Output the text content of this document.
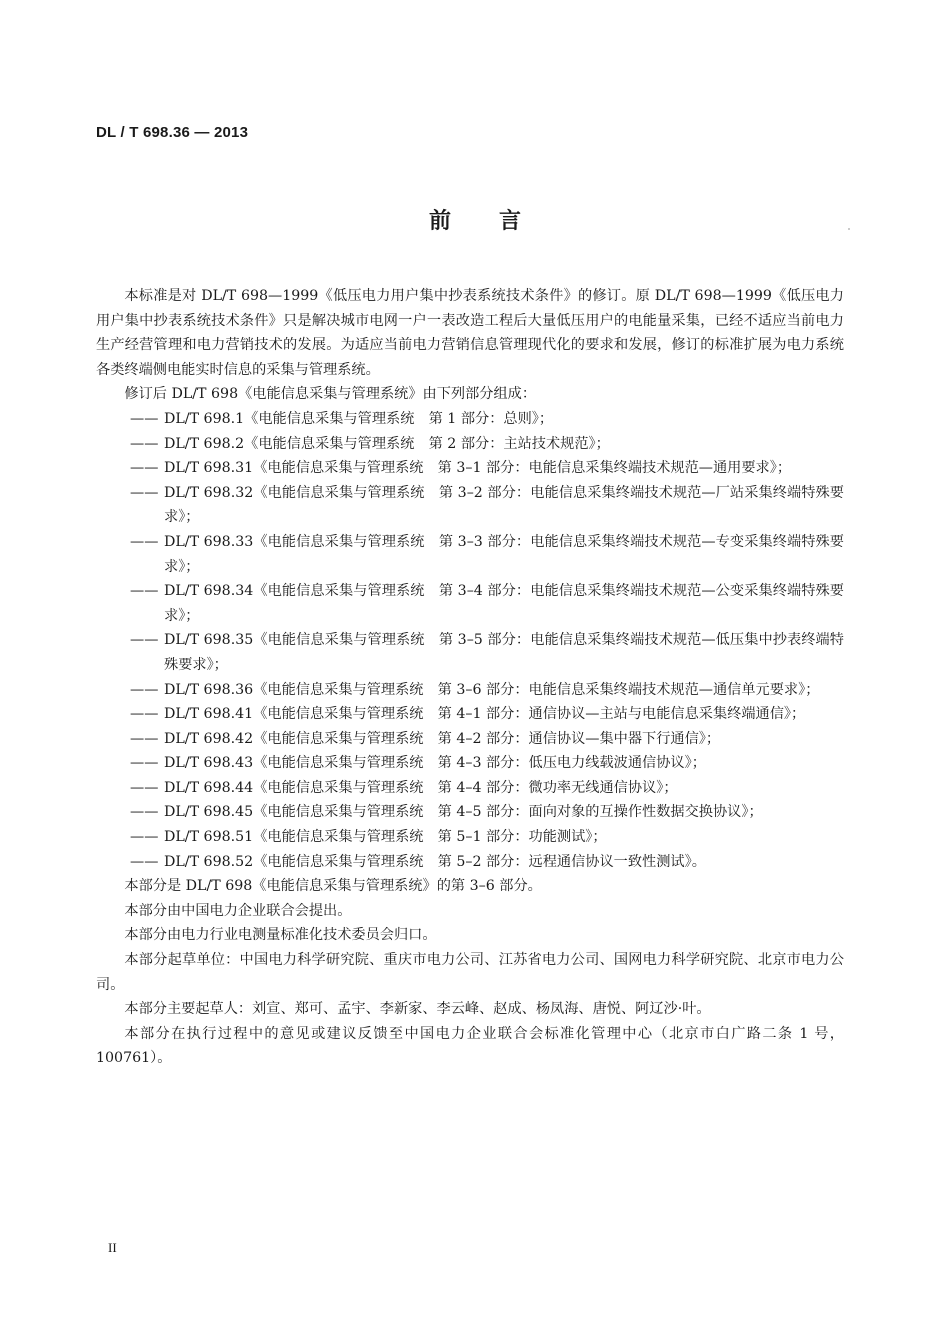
DL / T 698.36 — 2013
前言

本标准是对 DL/T 698—1999《低压电力用户集中抄表系统技术条件》的修订。原 DL/T 698—1999《低压电力用户集中抄表系统技术条件》只是解决城市电网一户一表改造工程后大量低压用户的电能量采集，已经不适应当前电力生产经营管理和电力营销技术的发展。为适应当前电力营销信息管理现代化的要求和发展，修订的标准扩展为电力系统各类终端侧电能实时信息的采集与管理系统。

修订后 DL/T 698《电能信息采集与管理系统》由下列部分组成：

—— DL/T 698.1《电能信息采集与管理系统　第 1 部分：总则》；
—— DL/T 698.2《电能信息采集与管理系统　第 2 部分：主站技术规范》；
—— DL/T 698.31《电能信息采集与管理系统　第 3–1 部分：电能信息采集终端技术规范—通用要求》；
—— DL/T 698.32《电能信息采集与管理系统　第 3–2 部分：电能信息采集终端技术规范—厂站采集终端特殊要求》；
—— DL/T 698.33《电能信息采集与管理系统　第 3–3 部分：电能信息采集终端技术规范—专变采集终端特殊要求》；
—— DL/T 698.34《电能信息采集与管理系统　第 3–4 部分：电能信息采集终端技术规范—公变采集终端特殊要求》；
—— DL/T 698.35《电能信息采集与管理系统　第 3–5 部分：电能信息采集终端技术规范—低压集中抄表终端特殊要求》；
—— DL/T 698.36《电能信息采集与管理系统　第 3–6 部分：电能信息采集终端技术规范—通信单元要求》；
—— DL/T 698.41《电能信息采集与管理系统　第 4–1 部分：通信协议—主站与电能信息采集终端通信》；
—— DL/T 698.42《电能信息采集与管理系统　第 4–2 部分：通信协议—集中器下行通信》；
—— DL/T 698.43《电能信息采集与管理系统　第 4–3 部分：低压电力线载波通信协议》；
—— DL/T 698.44《电能信息采集与管理系统　第 4–4 部分：微功率无线通信协议》；
—— DL/T 698.45《电能信息采集与管理系统　第 4–5 部分：面向对象的互操作性数据交换协议》；
—— DL/T 698.51《电能信息采集与管理系统　第 5–1 部分：功能测试》；
—— DL/T 698.52《电能信息采集与管理系统　第 5–2 部分：远程通信协议一致性测试》。

本部分是 DL/T 698《电能信息采集与管理系统》的第 3–6 部分。

本部分由中国电力企业联合会提出。

本部分由电力行业电测量标准化技术委员会归口。

本部分起草单位：中国电力科学研究院、重庆市电力公司、江苏省电力公司、国网电力科学研究院、北京市电力公司。

本部分主要起草人：刘宣、郑可、孟宇、李新家、李云峰、赵成、杨凤海、唐悦、阿辽沙·叶。

本部分在执行过程中的意见或建议反馈至中国电力企业联合会标准化管理中心（北京市白广路二条 1 号，100761）。

II
